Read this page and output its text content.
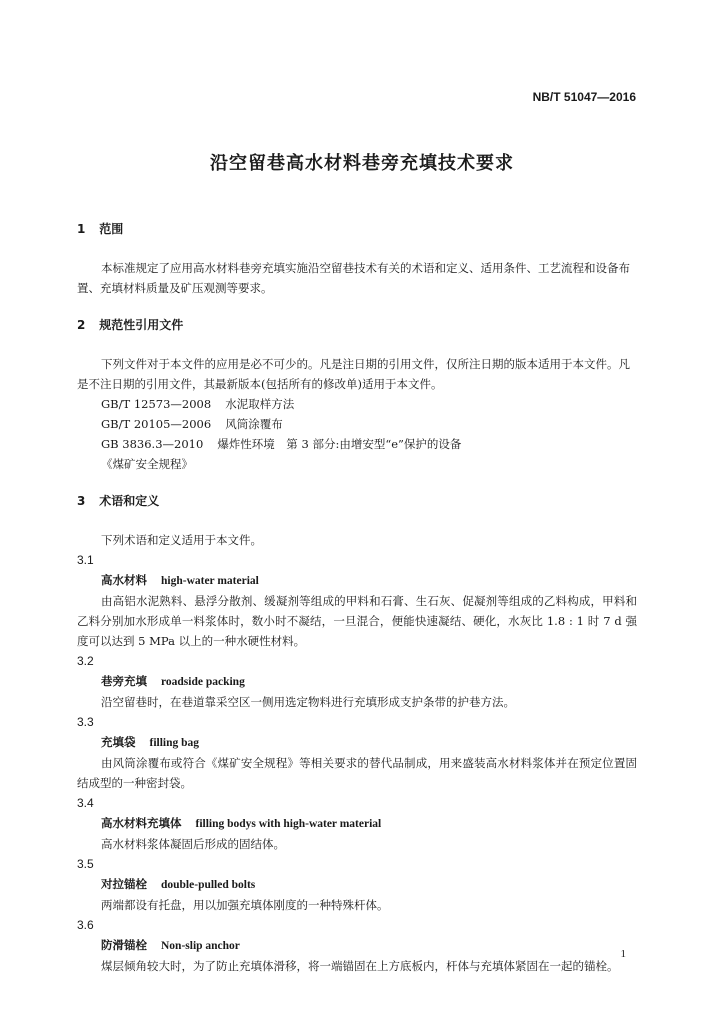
NB/T 51047—2016
沿空留巷高水材料巷旁充填技术要求
1 范围

本标准规定了应用高水材料巷旁充填实施沿空留巷技术有关的术语和定义、适用条件、工艺流程和设备布置、充填材料质量及矿压观测等要求。

2 规范性引用文件

下列文件对于本文件的应用是必不可少的。凡是注日期的引用文件，仅所注日期的版本适用于本文件。凡是不注日期的引用文件，其最新版本(包括所有的修改单)适用于本文件。

GB/T 12573—2008 水泥取样方法
GB/T 20105—2006 风筒涂覆布
GB 3836.3—2010 爆炸性环境　第 3 部分:由增安型“e”保护的设备
《煤矿安全规程》
3 术语和定义

下列术语和定义适用于本文件。

3.1
高水材料 high-water material

由高铝水泥熟料、悬浮分散剂、缓凝剂等组成的甲料和石膏、生石灰、促凝剂等组成的乙料构成，甲料和乙料分别加水形成单一料浆体时，数小时不凝结，一旦混合，便能快速凝结、硬化，水灰比 1.8 : 1 时 7 d 强度可以达到 5 MPa 以上的一种水硬性材料。

3.2
巷旁充填 roadside packing

沿空留巷时，在巷道靠采空区一侧用选定物料进行充填形成支护条带的护巷方法。

3.3
充填袋 filling bag

由风筒涂覆布或符合《煤矿安全规程》等相关要求的替代品制成，用来盛装高水材料浆体并在预定位置固结成型的一种密封袋。

3.4
高水材料充填体 filling bodys with high-water material

高水材料浆体凝固后形成的固结体。

3.5
对拉锚栓 double-pulled bolts

两端都设有托盘，用以加强充填体刚度的一种特殊杆体。

3.6
防滑锚栓 Non-slip anchor

煤层倾角较大时，为了防止充填体滑移，将一端锚固在上方底板内，杆体与充填体紧固在一起的锚栓。

1
